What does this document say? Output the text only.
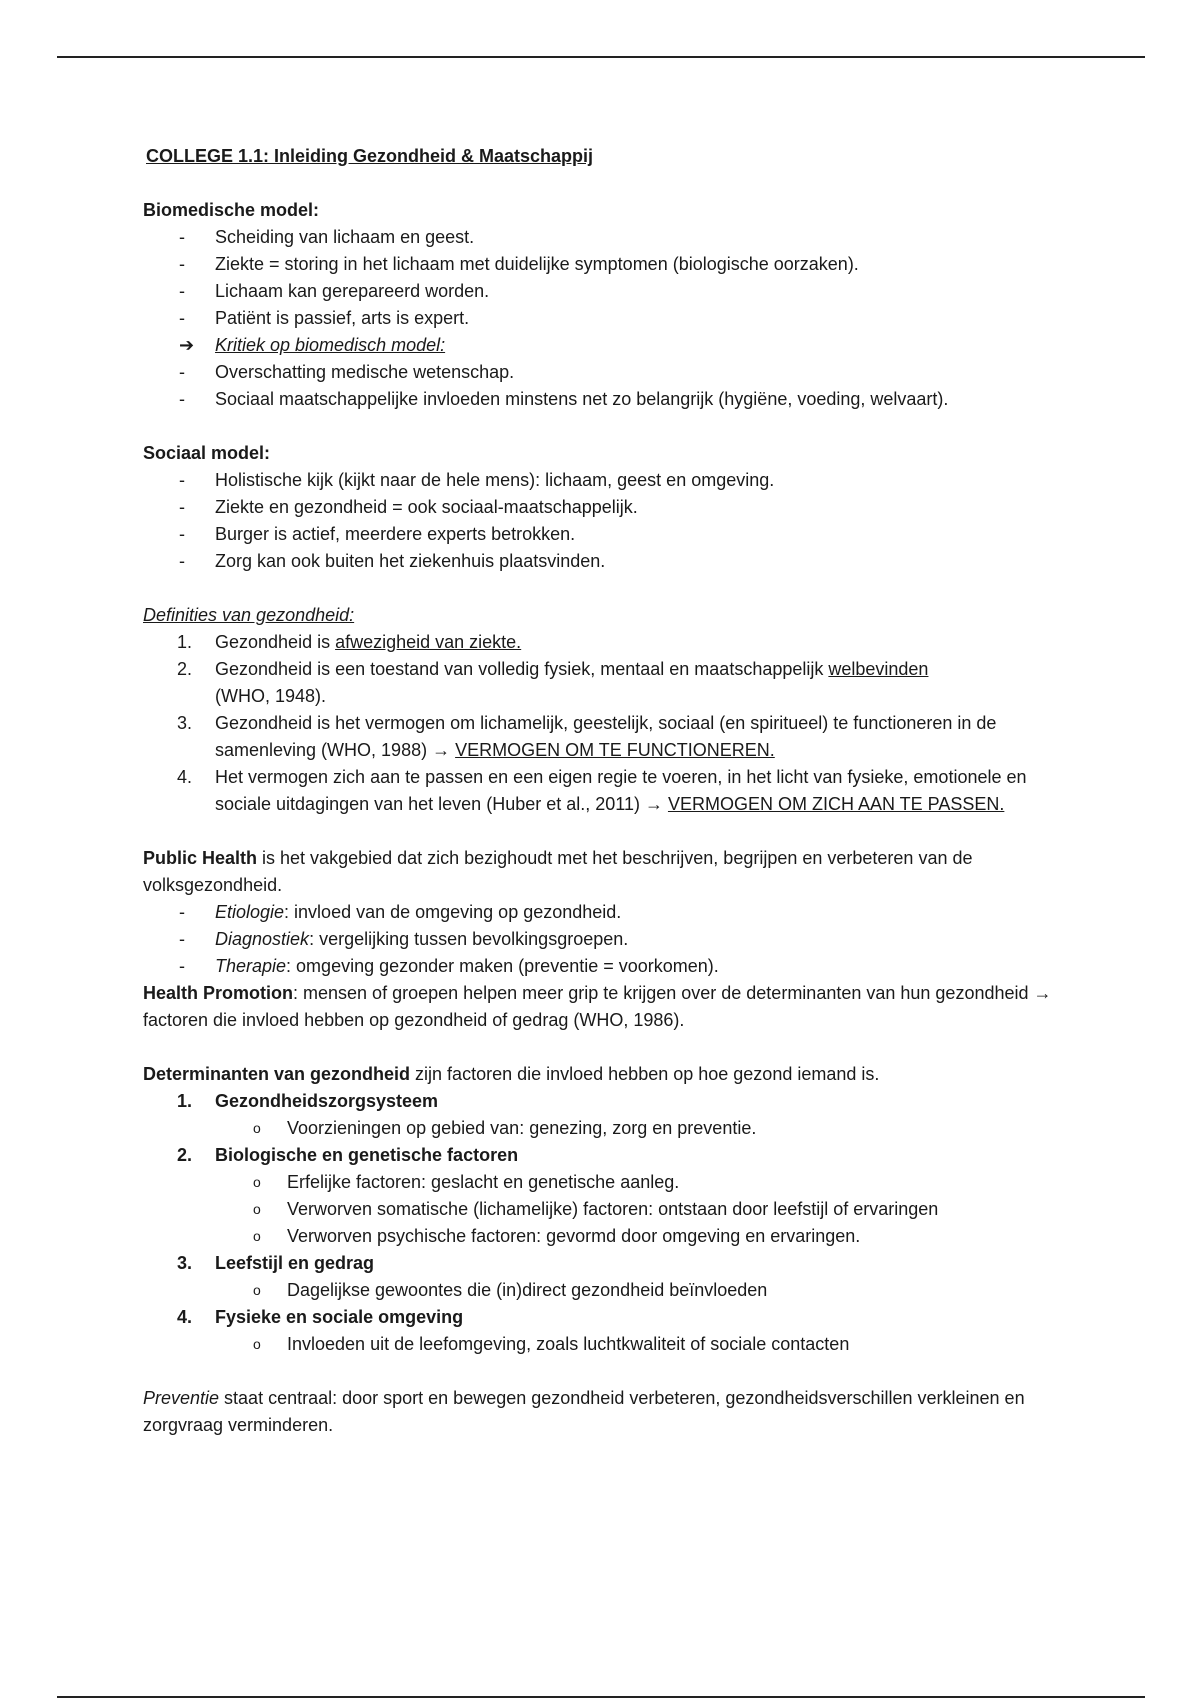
COLLEGE 1.1: Inleiding Gezondheid & Maatschappij

Biomedische model:

-	Scheiding van lichaam en geest.
-	Ziekte = storing in het lichaam met duidelijke symptomen (biologische oorzaken).
-	Lichaam kan gerepareerd worden.
-	Patiënt is passief, arts is expert.
➔	Kritiek op biomedisch model:
-	Overschatting medische wetenschap.
-	Sociaal maatschappelijke invloeden minstens net zo belangrijk (hygiëne, voeding, welvaart).

Sociaal model:

-	Holistische kijk (kijkt naar de hele mens): lichaam, geest en omgeving.
-	Ziekte en gezondheid = ook sociaal-maatschappelijk.
-	Burger is actief, meerdere experts betrokken.
-	Zorg kan ook buiten het ziekenhuis plaatsvinden.

Definities van gezondheid:

1.	Gezondheid is afwezigheid van ziekte.
2.	Gezondheid is een toestand van volledig fysiek, mentaal en maatschappelijk welbevinden
(WHO, 1948).
3.	Gezondheid is het vermogen om lichamelijk, geestelijk, sociaal (en spiritueel) te functioneren in de samenleving (WHO, 1988) → VERMOGEN OM TE FUNCTIONEREN.
4.	Het vermogen zich aan te passen en een eigen regie te voeren, in het licht van fysieke, emotionele en sociale uitdagingen van het leven (Huber et al., 2011) → VERMOGEN OM ZICH AAN TE PASSEN.

Public Health is het vakgebied dat zich bezighoudt met het beschrijven, begrijpen en verbeteren van de volksgezondheid.

-	Etiologie: invloed van de omgeving op gezondheid.
-	Diagnostiek: vergelijking tussen bevolkingsgroepen.
-	Therapie: omgeving gezonder maken (preventie = voorkomen).

Health Promotion: mensen of groepen helpen meer grip te krijgen over de determinanten van hun gezondheid → factoren die invloed hebben op gezondheid of gedrag (WHO, 1986).

Determinanten van gezondheid zijn factoren die invloed hebben op hoe gezond iemand is.

1.	Gezondheidszorgsysteem
o	Voorzieningen op gebied van: genezing, zorg en preventie.
2.	Biologische en genetische factoren
o	Erfelijke factoren: geslacht en genetische aanleg.
o	Verworven somatische (lichamelijke) factoren: ontstaan door leefstijl of ervaringen
o	Verworven psychische factoren: gevormd door omgeving en ervaringen.
3.	Leefstijl en gedrag
o	Dagelijkse gewoontes die (in)direct gezondheid beïnvloeden
4.	Fysieke en sociale omgeving
o	Invloeden uit de leefomgeving, zoals luchtkwaliteit of sociale contacten

Preventie staat centraal: door sport en bewegen gezondheid verbeteren, gezondheidsverschillen verkleinen en zorgvraag verminderen.
